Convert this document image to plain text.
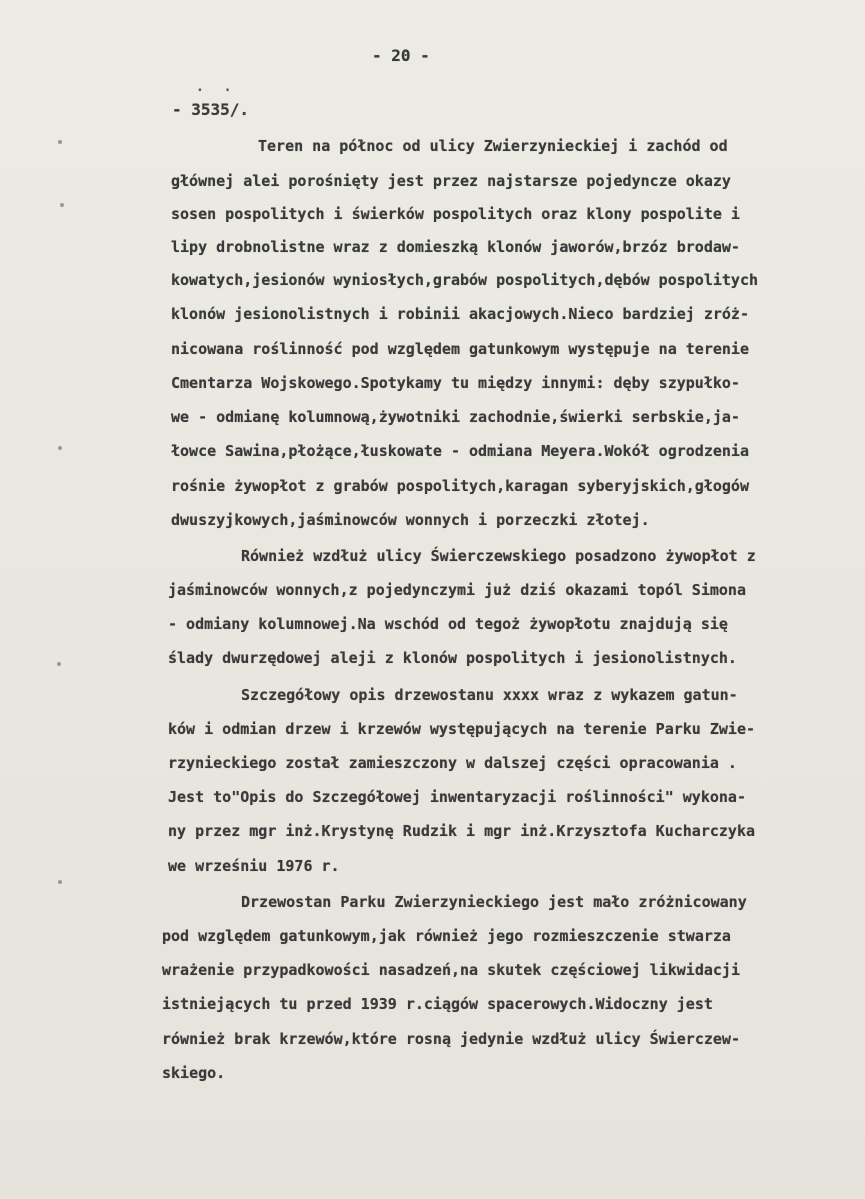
- 20 -
. .
- 3535/.
Teren na północ od ulicy Zwierzynieckiej i zachód od
głównej alei porośnięty jest przez najstarsze pojedyncze okazy
sosen pospolitych i świerków pospolitych oraz klony pospolite i
lipy drobnolistne wraz z domieszką klonów jaworów,brzóz brodaw-
kowatych,jesionów wyniosłych,grabów pospolitych,dębów pospolitych
klonów jesionolistnych i robinii akacjowych.Nieco bardziej zróż-
nicowana roślinność pod względem gatunkowym występuje na terenie
Cmentarza Wojskowego.Spotykamy tu między innymi: dęby szypułko-
we - odmianę kolumnową,żywotniki zachodnie,świerki serbskie,ja-
łowce Sawina,płożące,łuskowate - odmiana Meyera.Wokół ogrodzenia
rośnie żywopłot z grabów pospolitych,karagan syberyjskich,głogów
dwuszyjkowych,jaśminowców wonnych i porzeczki złotej.
Również wzdłuż ulicy Świerczewskiego posadzono żywopłot z
jaśminowców wonnych,z pojedynczymi już dziś okazami topól Simona
- odmiany kolumnowej.Na wschód od tegoż żywopłotu znajdują się
ślady dwurzędowej aleji z klonów pospolitych i jesionolistnych.
Szczegółowy opis drzewostanu xxxx wraz z wykazem gatun-
ków i odmian drzew i krzewów występujących na terenie Parku Zwie-
rzynieckiego został zamieszczony w dalszej części opracowania .
Jest to"Opis do Szczegółowej inwentaryzacji roślinności" wykona-
ny przez mgr inż.Krystynę Rudzik i mgr inż.Krzysztofa Kucharczyka
we wrześniu 1976 r.
Drzewostan Parku Zwierzynieckiego jest mało zróżnicowany
pod względem gatunkowym,jak również jego rozmieszczenie stwarza
wrażenie przypadkowości nasadzeń,na skutek częściowej likwidacji
istniejących tu przed 1939 r.ciągów spacerowych.Widoczny jest
również brak krzewów,które rosną jedynie wzdłuż ulicy Świerczew-
skiego.
